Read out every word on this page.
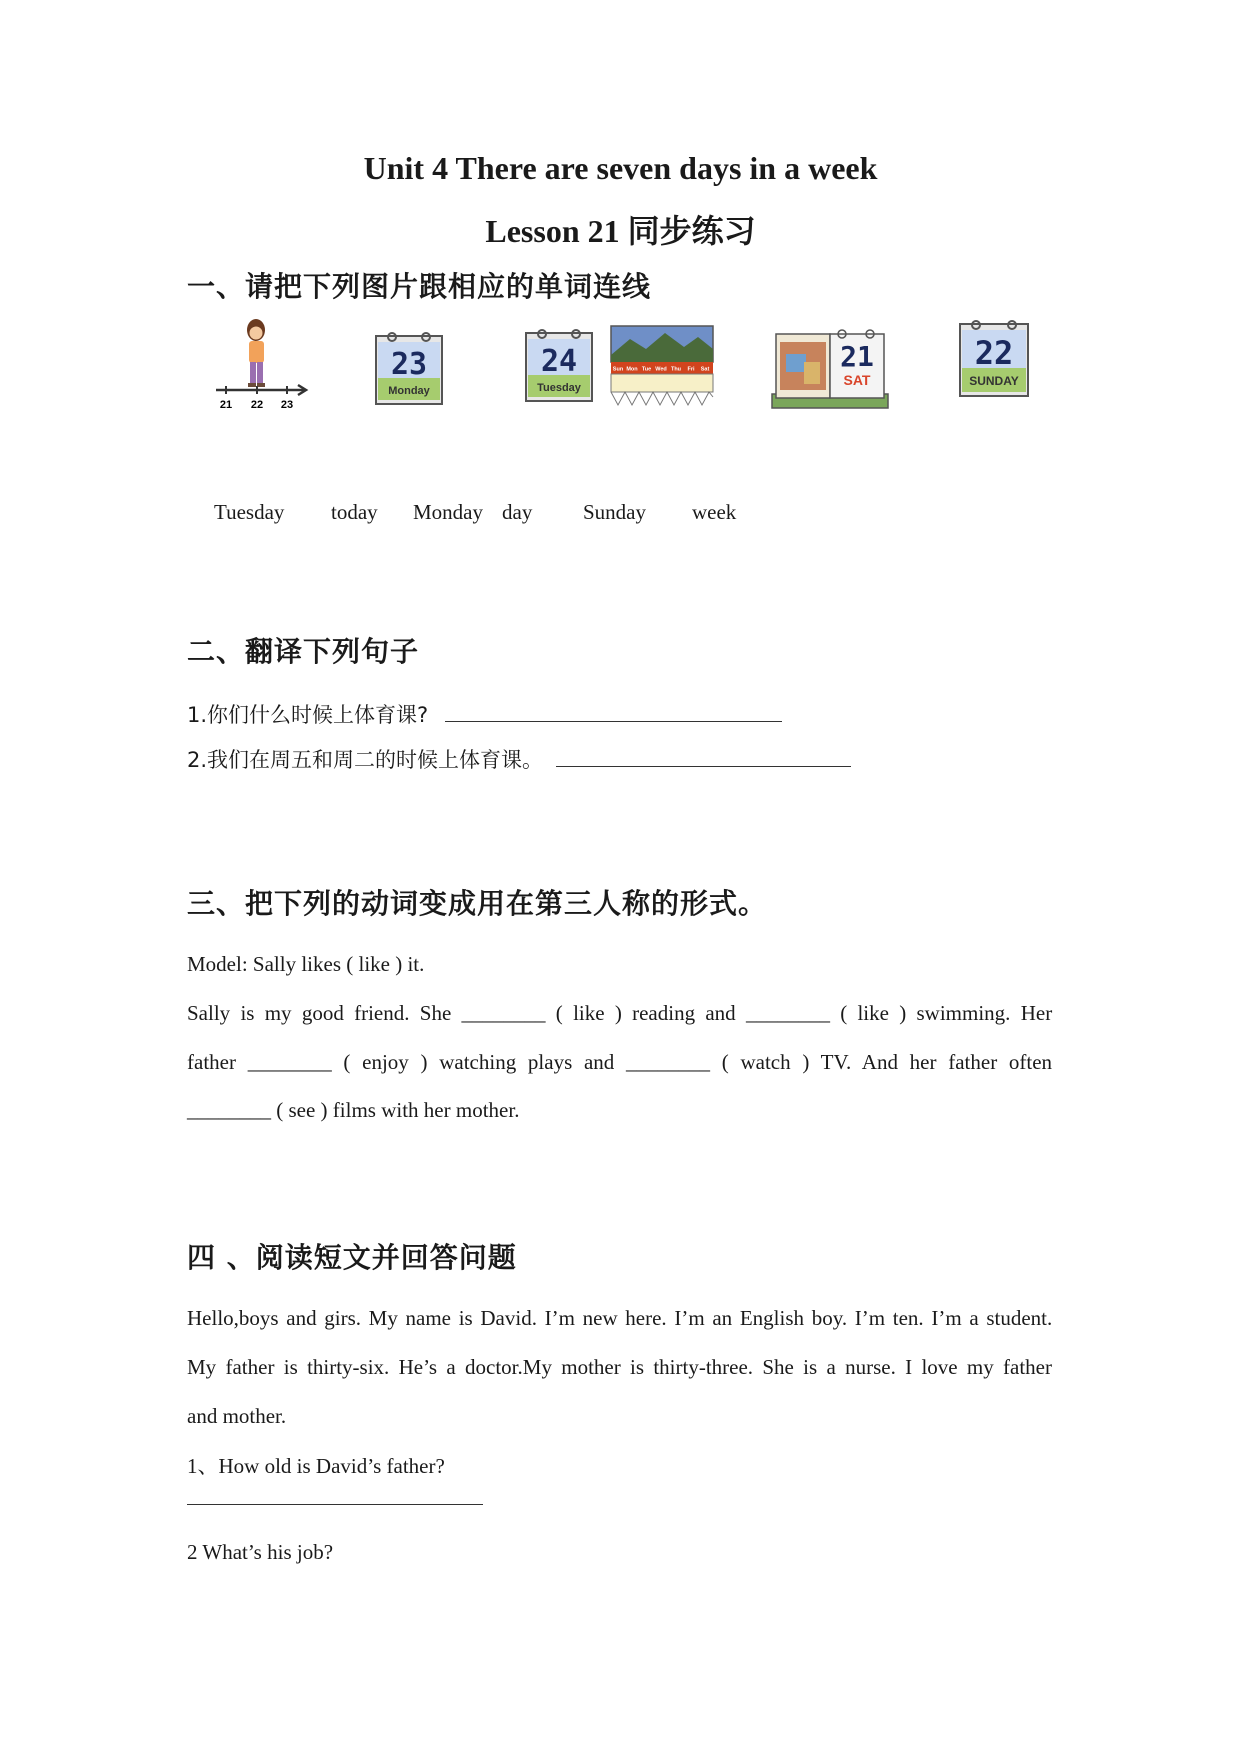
Unit 4 There are seven days in a week
Lesson 21 同步练习
一、请把下列图片跟相应的单词连线
21 22 23
23
Monday
24
Tuesday
Sun Mon Tue Wed Thu Fri Sat	21
SAT
22
SUNDAY
Tuesday today Monday day Sunday week
二、翻译下列句子
1.你们什么时候上体育课?
2.我们在周五和周二的时候上体育课。
三、把下列的动词变成用在第三人称的形式。
Model: Sally likes ( like ) it.
Sally is my good friend. She ________ ( like ) reading and ________ ( like ) swimming. Her
father ________ ( enjoy ) watching plays and ________ ( watch ) TV. And her father often
________ ( see ) films with her mother.
四 、阅读短文并回答问题
Hello,boys and girs. My name is David. I’m new here. I’m an English boy. I’m ten. I’m a student.
My father is thirty-six. He’s a doctor.My mother is thirty-three. She is a nurse. I love my father
and mother.
1、How old is David’s father?
2 What’s his job?
